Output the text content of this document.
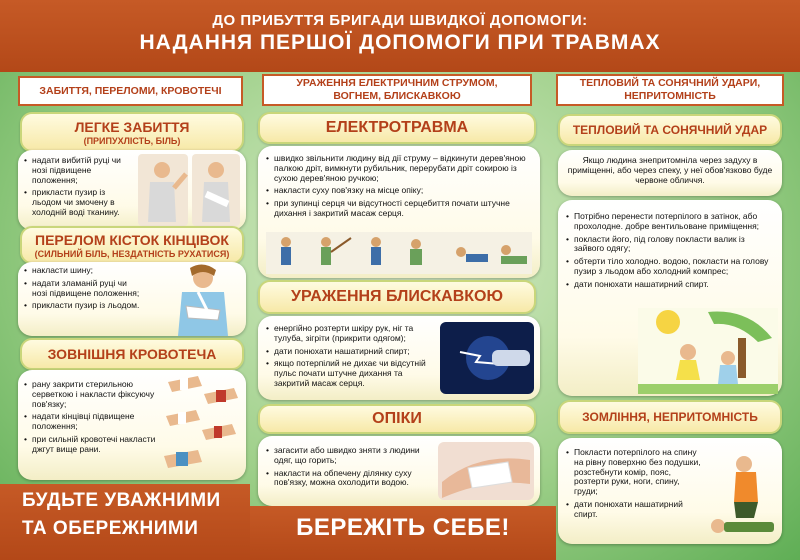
ДО ПРИБУТТЯ БРИГАДИ ШВИДКОЇ ДОПОМОГИ:
НАДАННЯ ПЕРШОЇ ДОПОМОГИ ПРИ ТРАВМАХ
ЗАБИТТЯ, ПЕРЕЛОМИ, КРОВОТЕЧІ
УРАЖЕННЯ ЕЛЕКТРИЧНИМ СТРУМОМ, ВОГНЕМ, БЛИСКАВКОЮ
ТЕПЛОВИЙ ТА СОНЯЧНИЙ УДАРИ, НЕПРИТОМНІСТЬ
ЛЕГКЕ ЗАБИТТЯ
(ПРИПУХЛІСТЬ, БІЛЬ)
• надати вибитій руці чи нозі підвищене положення;
• прикласти пузир із льодом чи змочену в холодній воді тканину.
ПЕРЕЛОМ КІСТОК КІНЦІВОК
(СИЛЬНИЙ БІЛЬ, НЕЗДАТНІСТЬ РУХАТИСЯ)
• накласти шину;
• надати зламаній руці чи нозі підвищене положення;
• прикласти пузир із льодом.
ЗОВНІШНЯ КРОВОТЕЧА
• рану закрити стерильною серветкою і накласти фіксуючу пов'язку;
• надати кінцівці підвищене положення;
• при сильній кровотечі накласти джгут вище рани.
ЕЛЕКТРОТРАВМА
• швидко звільнити людину від дії струму – відкинути дерев'яною палкою дріт, вимкнути рубильник, перерубати дріт сокирою із сухою дерев'яною ручкою;
• накласти суху пов'язку на місце опіку;
• при зупинці серця чи відсутності серцебиття почати штучне дихання і закритий масаж серця.
УРАЖЕННЯ БЛИСКАВКОЮ
• енергійно розтерти шкіру рук, ніг та тулуба, зігріти (прикрити одягом);
• дати понюхати нашатирний спирт;
• якщо потерпілий не дихає чи відсутній пульс почати штучне дихання та закритий масаж серця.
ОПІКИ
• загасити або швидко зняти з людини одяг, що горить;
• накласти на обпечену ділянку суху пов'язку, можна охолодити водою.
ТЕПЛОВИЙ ТА СОНЯЧНИЙ УДАР
Якщо людина знепритомніла через задуху в приміщенні, або через спеку, у неї обов'язково буде червоне обличчя.
• Потрібно перенести потерпілого в затінок, або прохолодне. добре вентильоване приміщення;
• покласти його, під голову покласти валик із зайвого одягу;
• обтерти тіло холодно. водою, покласти на голову пузир з льодом або холодний компрес;
• дати понюхати нашатирний спирт.
ЗОМЛІННЯ, НЕПРИТОМНІСТЬ
• Покласти потерпілого на спину на рівну поверхню без подушки, розстебнути комір, пояс, розтерти руки, ноги, спину, груди;
• дати понюхати нашатирний спирт.
БУДЬТЕ УВАЖНИМИ
ТА ОБЕРЕЖНИМИ	БЕРЕЖІТЬ СЕБЕ!
